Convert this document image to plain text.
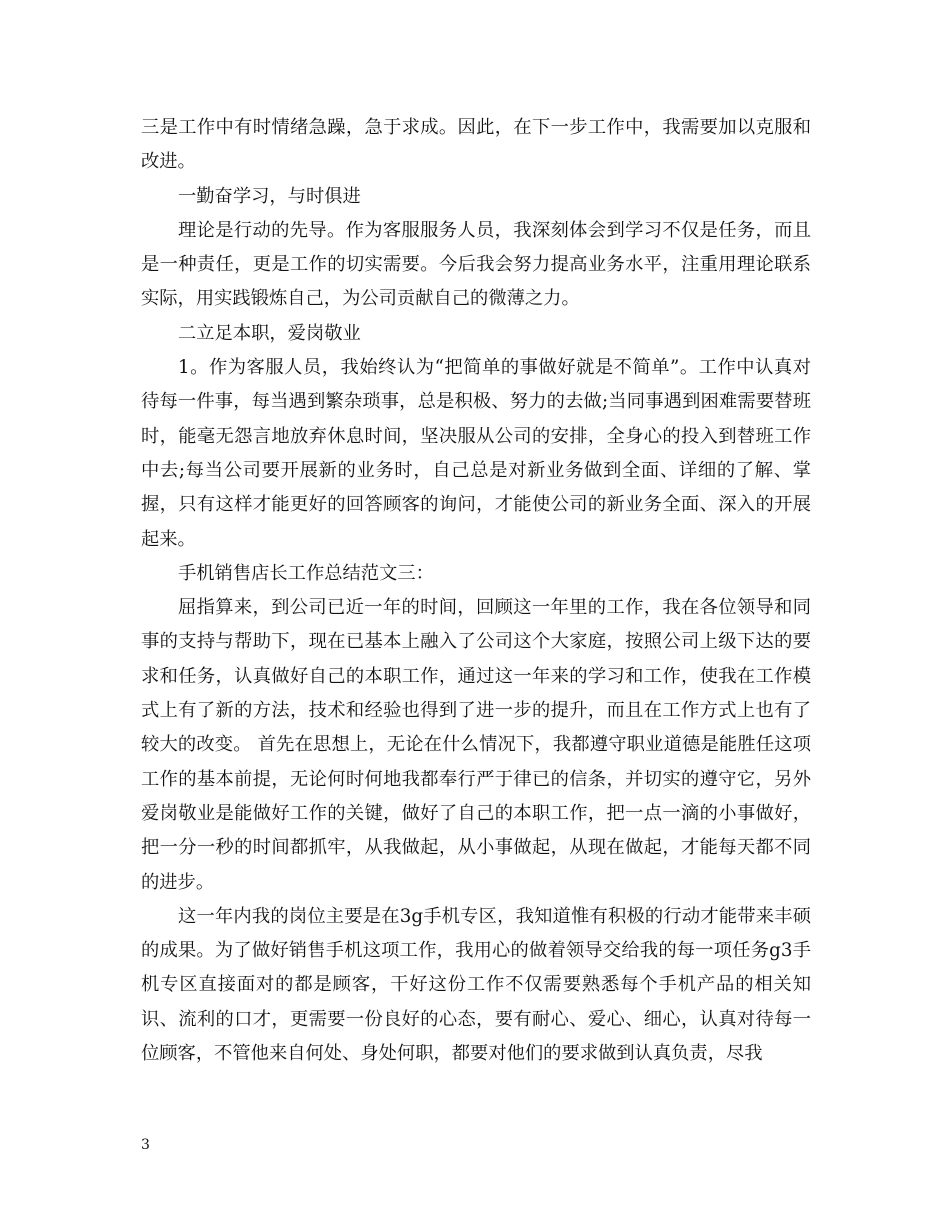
三是工作中有时情绪急躁，急于求成。因此，在下一步工作中，我需要加以克服和改进。

一勤奋学习，与时俱进

理论是行动的先导。作为客服服务人员，我深刻体会到学习不仅是任务，而且是一种责任，更是工作的切实需要。今后我会努力提高业务水平，注重用理论联系实际，用实践锻炼自己，为公司贡献自己的微薄之力。

二立足本职，爱岗敬业

1。作为客服人员，我始终认为“把简单的事做好就是不简单”。工作中认真对待每一件事，每当遇到繁杂琐事，总是积极、努力的去做;当同事遇到困难需要替班时，能毫无怨言地放弃休息时间，坚决服从公司的安排，全身心的投入到替班工作中去;每当公司要开展新的业务时，自己总是对新业务做到全面、详细的了解、掌握，只有这样才能更好的回答顾客的询问，才能使公司的新业务全面、深入的开展起来。

手机销售店长工作总结范文三：

屈指算来，到公司已近一年的时间，回顾这一年里的工作，我在各位领导和同事的支持与帮助下，现在已基本上融入了公司这个大家庭，按照公司上级下达的要求和任务，认真做好自己的本职工作，通过这一年来的学习和工作，使我在工作模式上有了新的方法，技术和经验也得到了进一步的提升，而且在工作方式上也有了较大的改变。 首先在思想上，无论在什么情况下，我都遵守职业道德是能胜任这项工作的基本前提，无论何时何地我都奉行严于律已的信条，并切实的遵守它，另外爱岗敬业是能做好工作的关键，做好了自己的本职工作，把一点一滴的小事做好，把一分一秒的时间都抓牢，从我做起，从小事做起，从现在做起，才能每天都不同的进步。

这一年内我的岗位主要是在3g手机专区，我知道惟有积极的行动才能带来丰硕的成果。为了做好销售手机这项工作，我用心的做着领导交给我的每一项任务g3手机专区直接面对的都是顾客，干好这份工作不仅需要熟悉每个手机产品的相关知识、流利的口才，更需要一份良好的心态，要有耐心、爱心、细心，认真对待每一位顾客，不管他来自何处、身处何职，都要对他们的要求做到认真负责，尽我

3
